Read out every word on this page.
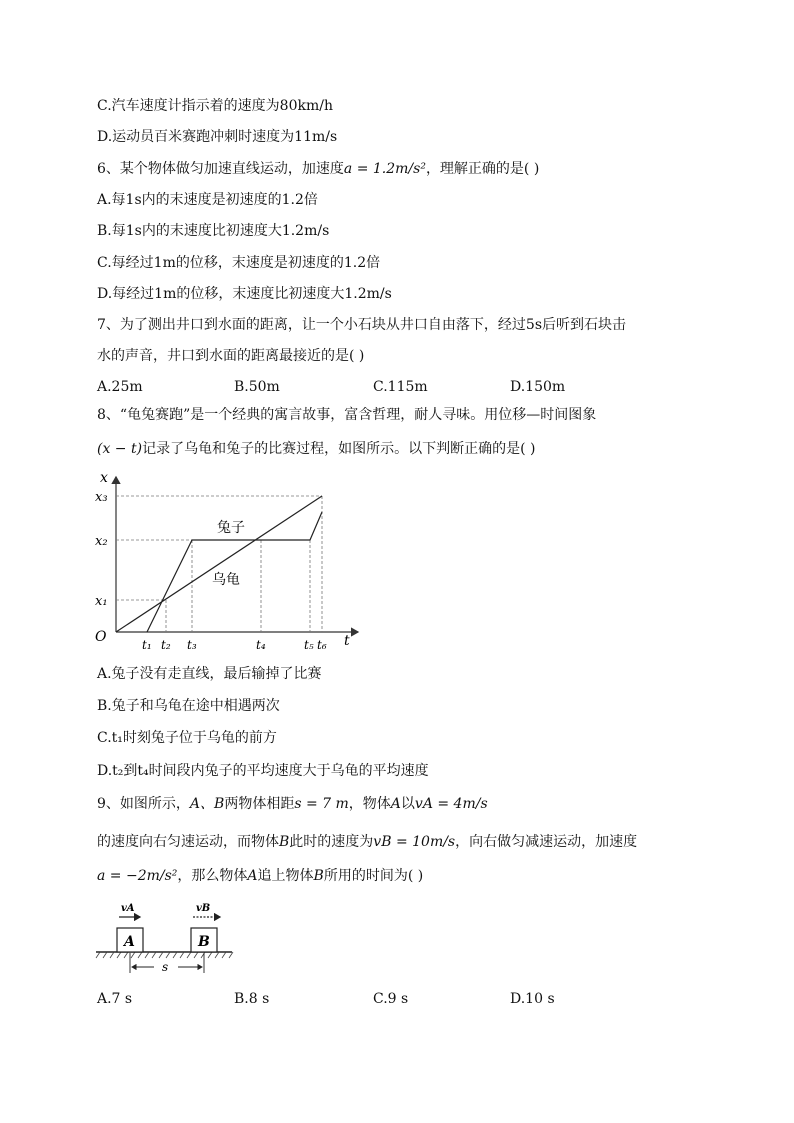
C.汽车速度计指示着的速度为80km/h
D.运动员百米赛跑冲刺时速度为11m/s
6、某个物体做匀加速直线运动，加速度a = 1.2m/s²，理解正确的是( )
A.每1s内的末速度是初速度的1.2倍
B.每1s内的末速度比初速度大1.2m/s
C.每经过1m的位移，末速度是初速度的1.2倍
D.每经过1m的位移，末速度比初速度大1.2m/s
7、为了测出井口到水面的距离，让一个小石块从井口自由落下，经过5s后听到石块击
水的声音，井口到水面的距离最接近的是( )
A.25m	B.50m	C.115m	D.150m
8、“龟兔赛跑”是一个经典的寓言故事，富含哲理，耐人寻味。用位移—时间图象
(x − t)记录了乌龟和兔子的比赛过程，如图所示。以下判断正确的是( )
x
t
O
x₃
x₂
x₁
t₁ t₂ t₃	t₄	t₅ t₆
兔子
乌龟
A.兔子没有走直线，最后输掉了比赛
B.兔子和乌龟在途中相遇两次
C.t₁时刻兔子位于乌龟的前方
D.t₂到t₄时间段内兔子的平均速度大于乌龟的平均速度
9、如图所示，A、B两物体相距s = 7 m，物体A以vA = 4m/s
的速度向右匀速运动，而物体B此时的速度为vB = 10m/s，向右做匀减速运动，加速度
a = −2m/s²，那么物体A追上物体B所用的时间为( )
A	B
vA	vB
s
A.7 s	B.8 s	C.9 s	D.10 s
